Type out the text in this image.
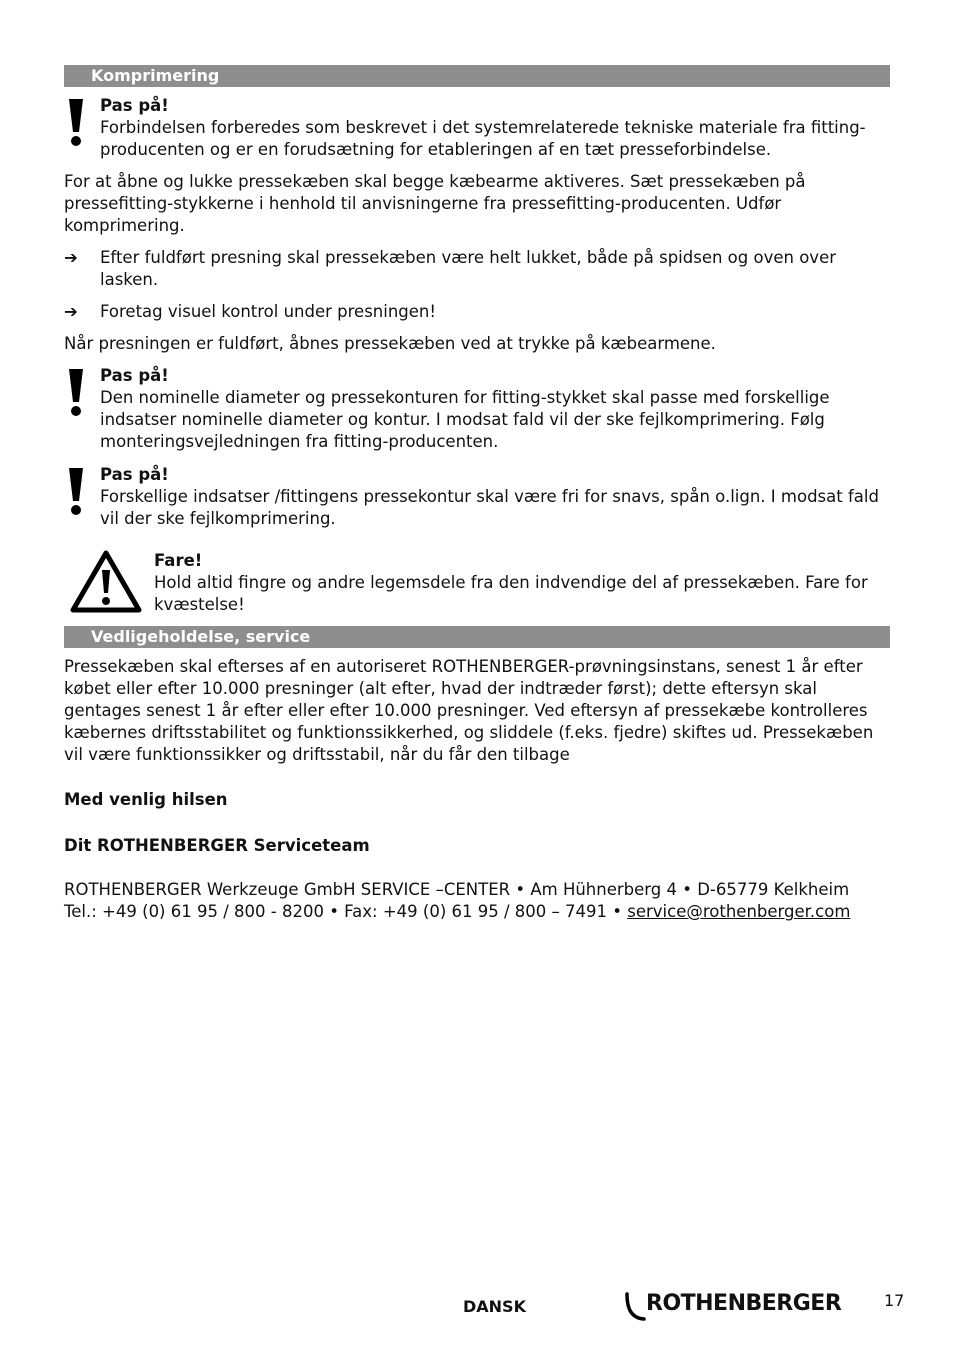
Komprimering
Pas på!

Forbindelsen forberedes som beskrevet i det systemrelaterede tekniske materiale fra fitting-producenten og er en forudsætning for etableringen af en tæt presseforbindelse.

For at åbne og lukke pressekæben skal begge kæbearme aktiveres. Sæt pressekæben på pressefitting-stykkerne i henhold til anvisningerne fra pressefitting-producenten. Udfør komprimering.

➔	Efter fuldført presning skal pressekæben være helt lukket, både på spidsen og oven over lasken.
➔	Foretag visuel kontrol under presningen!

Når presningen er fuldført, åbnes pressekæben ved at trykke på kæbearmene.

Pas på!

Den nominelle diameter og pressekonturen for fitting-stykket skal passe med forskellige indsatser nominelle diameter og kontur. I modsat fald vil der ske fejlkomprimering. Følg monteringsvejledningen fra fitting-producenten.

Pas på!

Forskellige indsatser /fittingens pressekontur skal være fri for snavs, spån o.lign. I modsat fald vil der ske fejlkomprimering.

Fare!

Hold altid fingre og andre legemsdele fra den indvendige del af pressekæben. Fare for kvæstelse!

Vedligeholdelse, service

Pressekæben skal efterses af en autoriseret ROTHENBERGER-prøvningsinstans, senest 1 år efter købet eller efter 10.000 presninger (alt efter, hvad der indtræder først); dette eftersyn skal gentages senest 1 år efter eller efter 10.000 presninger. Ved eftersyn af pressekæbe kontrolleres kæbernes driftsstabilitet og funktionssikkerhed, og sliddele (f.eks. fjedre) skiftes ud. Pressekæben vil være funktionssikker og driftsstabil, når du får den tilbage

Med venlig hilsen

Dit ROTHENBERGER Serviceteam

ROTHENBERGER Werkzeuge GmbH SERVICE –CENTER • Am Hühnerberg 4 • D-65779 Kelkheim

Tel.: +49 (0) 61 95 / 800 - 8200 • Fax: +49 (0) 61 95 / 800 – 7491 • service@rothenberger.com

DANSK	ROTHENBERGER	17
